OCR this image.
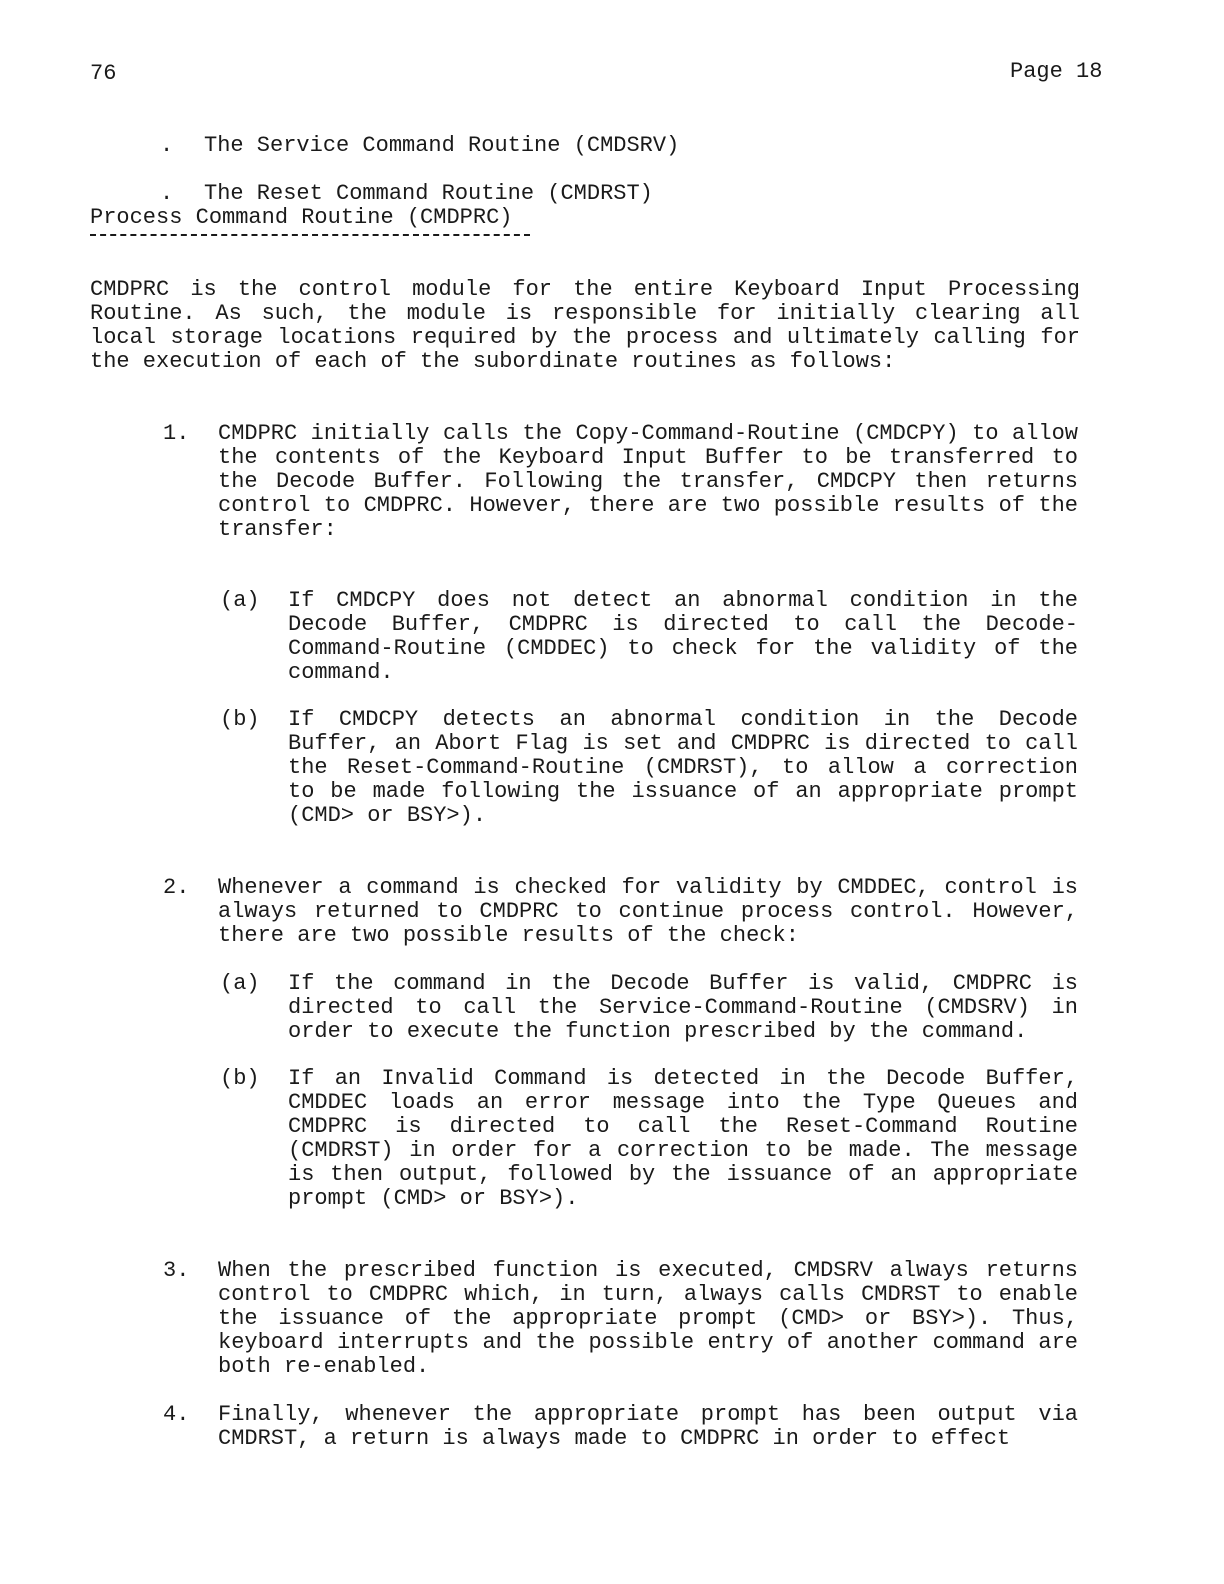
76	Page 18
. The Service Command Routine (CMDSRV)
. The Reset Command Routine (CMDRST)
Process Command Routine (CMDPRC)
CMDPRC is the control module for the entire Keyboard Input Processing Routine. As such, the module is responsible for initially clearing all local storage locations required by the process and ultimately calling for the execution of each of the subordinate routines as follows:
1. CMDPRC initially calls the Copy-Command-Routine (CMDCPY) to allow the contents of the Keyboard Input Buffer to be transferred to the Decode Buffer. Following the transfer, CMDCPY then returns control to CMDPRC. However, there are two possible results of the transfer:
(a) If CMDCPY does not detect an abnormal condition in the Decode Buffer, CMDPRC is directed to call the Decode-Command-Routine (CMDDEC) to check for the validity of the command.
(b) If CMDCPY detects an abnormal condition in the Decode Buffer, an Abort Flag is set and CMDPRC is directed to call the Reset-Command-Routine (CMDRST), to allow a correction to be made following the issuance of an appropriate prompt (CMD> or BSY>).
2. Whenever a command is checked for validity by CMDDEC, control is always returned to CMDPRC to continue process control. However, there are two possible results of the check:
(a) If the command in the Decode Buffer is valid, CMDPRC is directed to call the Service-Command-Routine (CMDSRV) in order to execute the function prescribed by the command.
(b) If an Invalid Command is detected in the Decode Buffer, CMDDEC loads an error message into the Type Queues and CMDPRC is directed to call the Reset-Command Routine (CMDRST) in order for a correction to be made. The message is then output, followed by the issuance of an appropriate prompt (CMD> or BSY>).
3. When the prescribed function is executed, CMDSRV always returns control to CMDPRC which, in turn, always calls CMDRST to enable the issuance of the appropriate prompt (CMD> or BSY>). Thus, keyboard interrupts and the possible entry of another command are both re-enabled.
4. Finally, whenever the appropriate prompt has been output via CMDRST, a return is always made to CMDPRC in order to effect
